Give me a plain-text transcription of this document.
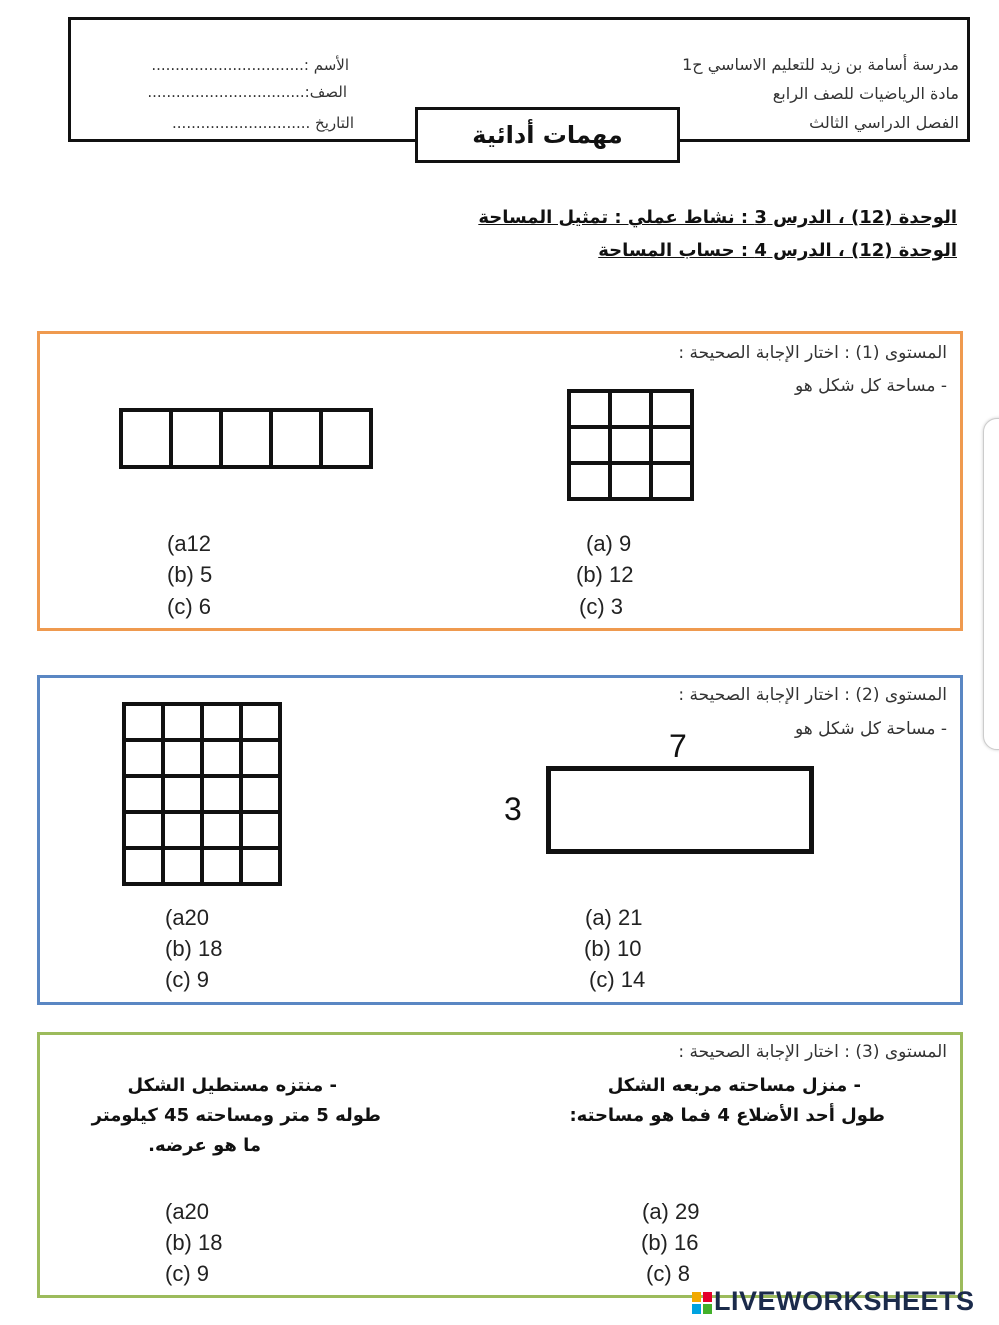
مدرسة أسامة بن زيد للتعليم الاساسي ح1
مادة الرياضيات للصف الرابع
الفصل الدراسي الثالث
الأسم :................................
الصف:.................................
التاريخ .............................	مهمات أدائية
الوحدة (12) ، الدرس 3 : نشاط عملي : تمثيل المساحة
الوحدة (12) ، الدرس 4 : حساب المساحة
المستوى (1) : اختار الإجابة الصحيحة :
- مساحة كل شكل هو

(a12
(b) 5
(c) 6
(a) 9
(b) 12
(c) 3
المستوى (2) : اختار الإجابة الصحيحة :
- مساحة كل شكل هو

7
3
(a20
(b) 18
(c) 9
(a) 21
(b) 10
(c) 14
المستوى (3) : اختار الإجابة الصحيحة :
- منزل مساحته مربعه الشكل
طول أحد الأضلاع 4 فما هو مساحته:
- منتزه مستطيل الشكل
طوله 5 متر ومساحته 45 كيلومتر
ما هو عرضه.
(a20
(b) 18
(c) 9
(a) 29
(b) 16
(c) 8
LIVEWORKSHEETS
